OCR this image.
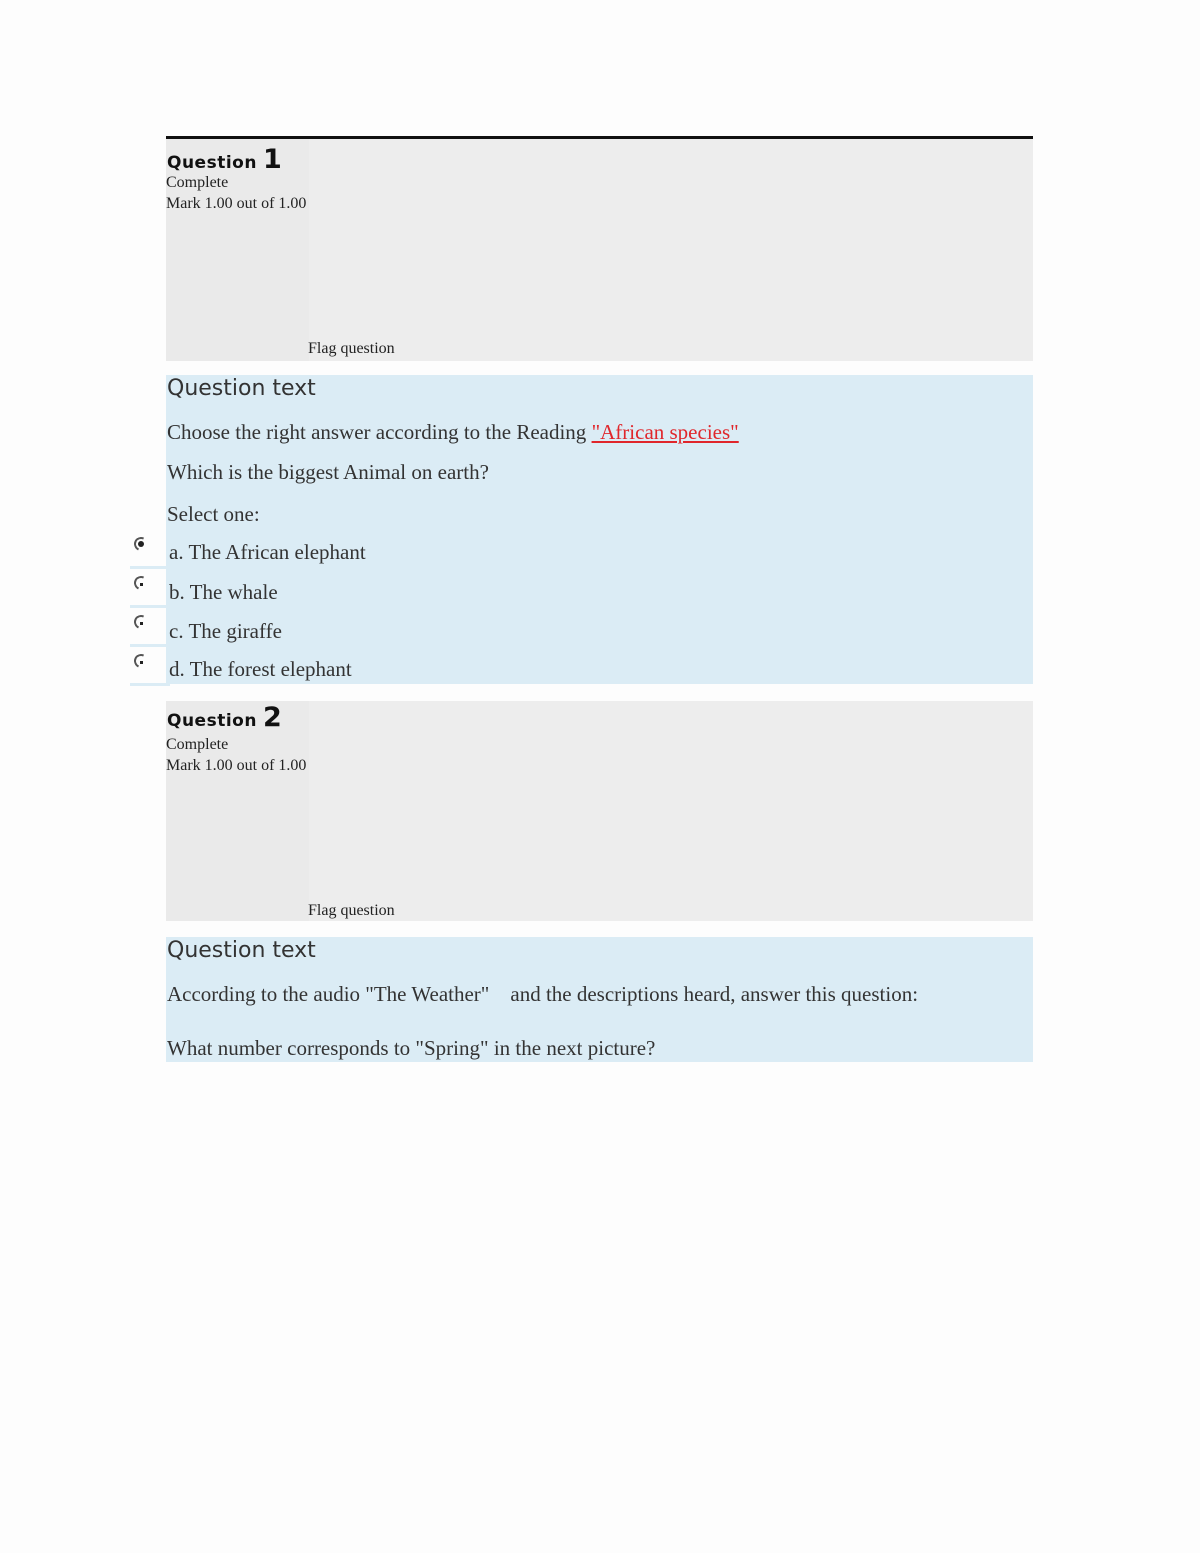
Question 1
Complete
Mark 1.00 out of 1.00
Flag question
Question text
Choose the right answer according to the Reading "African species"
Which is the biggest Animal on earth?
Select one:
a. The African elephant
b. The whale
c. The giraffe
d. The forest elephant
Question 2
Complete
Mark 1.00 out of 1.00
Flag question
Question text
According to the audio "The Weather"    and the descriptions heard, answer this question:
What number corresponds to "Spring" in the next picture?
